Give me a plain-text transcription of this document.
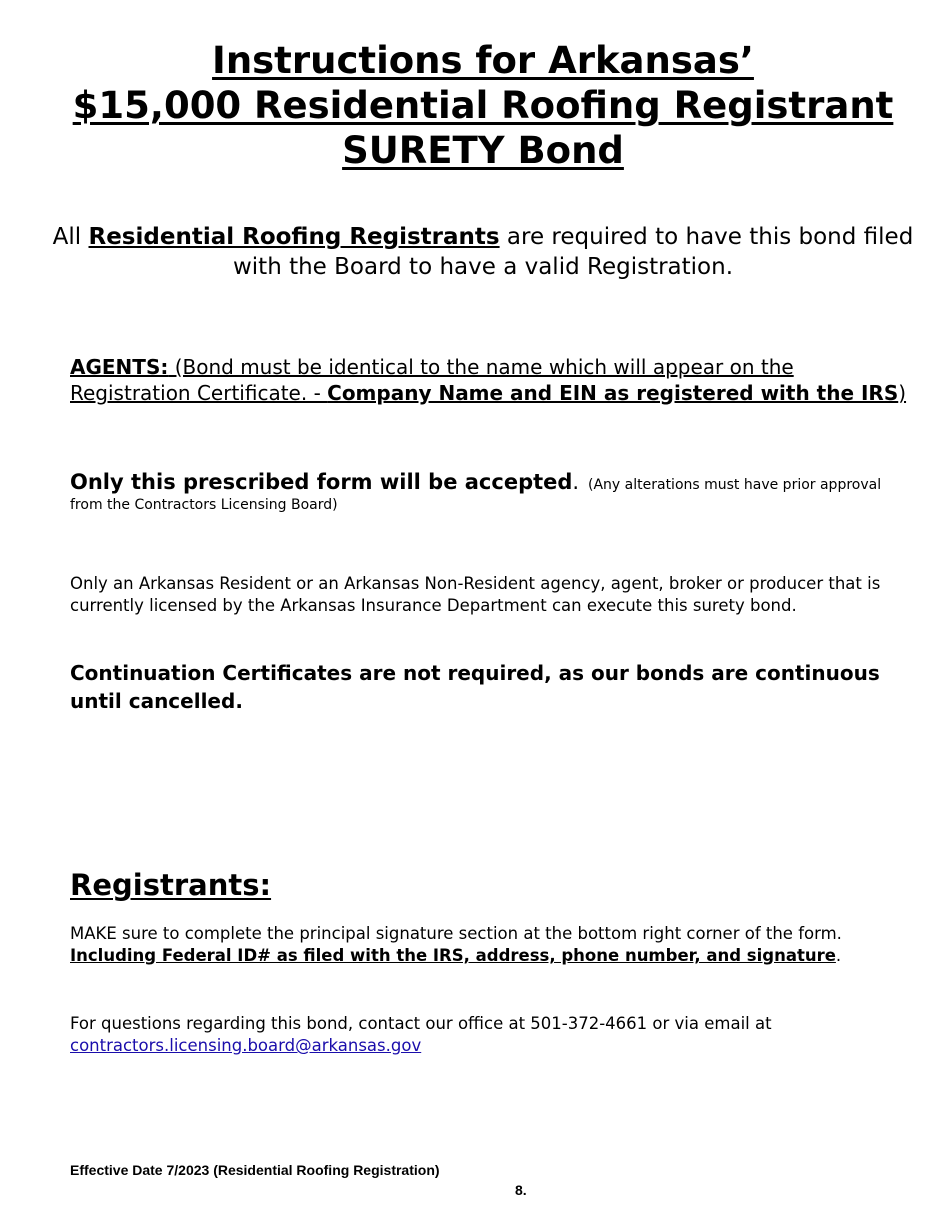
Instructions for Arkansas’
$15,000 Residential Roofing Registrant
SURETY Bond
All Residential Roofing Registrants are required to have this bond filed with the Board to have a valid Registration.
AGENTS: (Bond must be identical to the name which will appear on the Registration Certificate. - Company Name and EIN as registered with the IRS)
Only this prescribed form will be accepted. (Any alterations must have prior approval from the Contractors Licensing Board)
Only an Arkansas Resident or an Arkansas Non-Resident agency, agent, broker or producer that is currently licensed by the Arkansas Insurance Department can execute this surety bond.
Continuation Certificates are not required, as our bonds are continuous until cancelled.
Registrants:
MAKE sure to complete the principal signature section at the bottom right corner of the form.
Including Federal ID# as filed with the IRS, address, phone number, and signature.
For questions regarding this bond, contact our office at 501-372-4661 or via email at
contractors.licensing.board@arkansas.gov
Effective Date 7/2023 (Residential Roofing Registration)
8.
